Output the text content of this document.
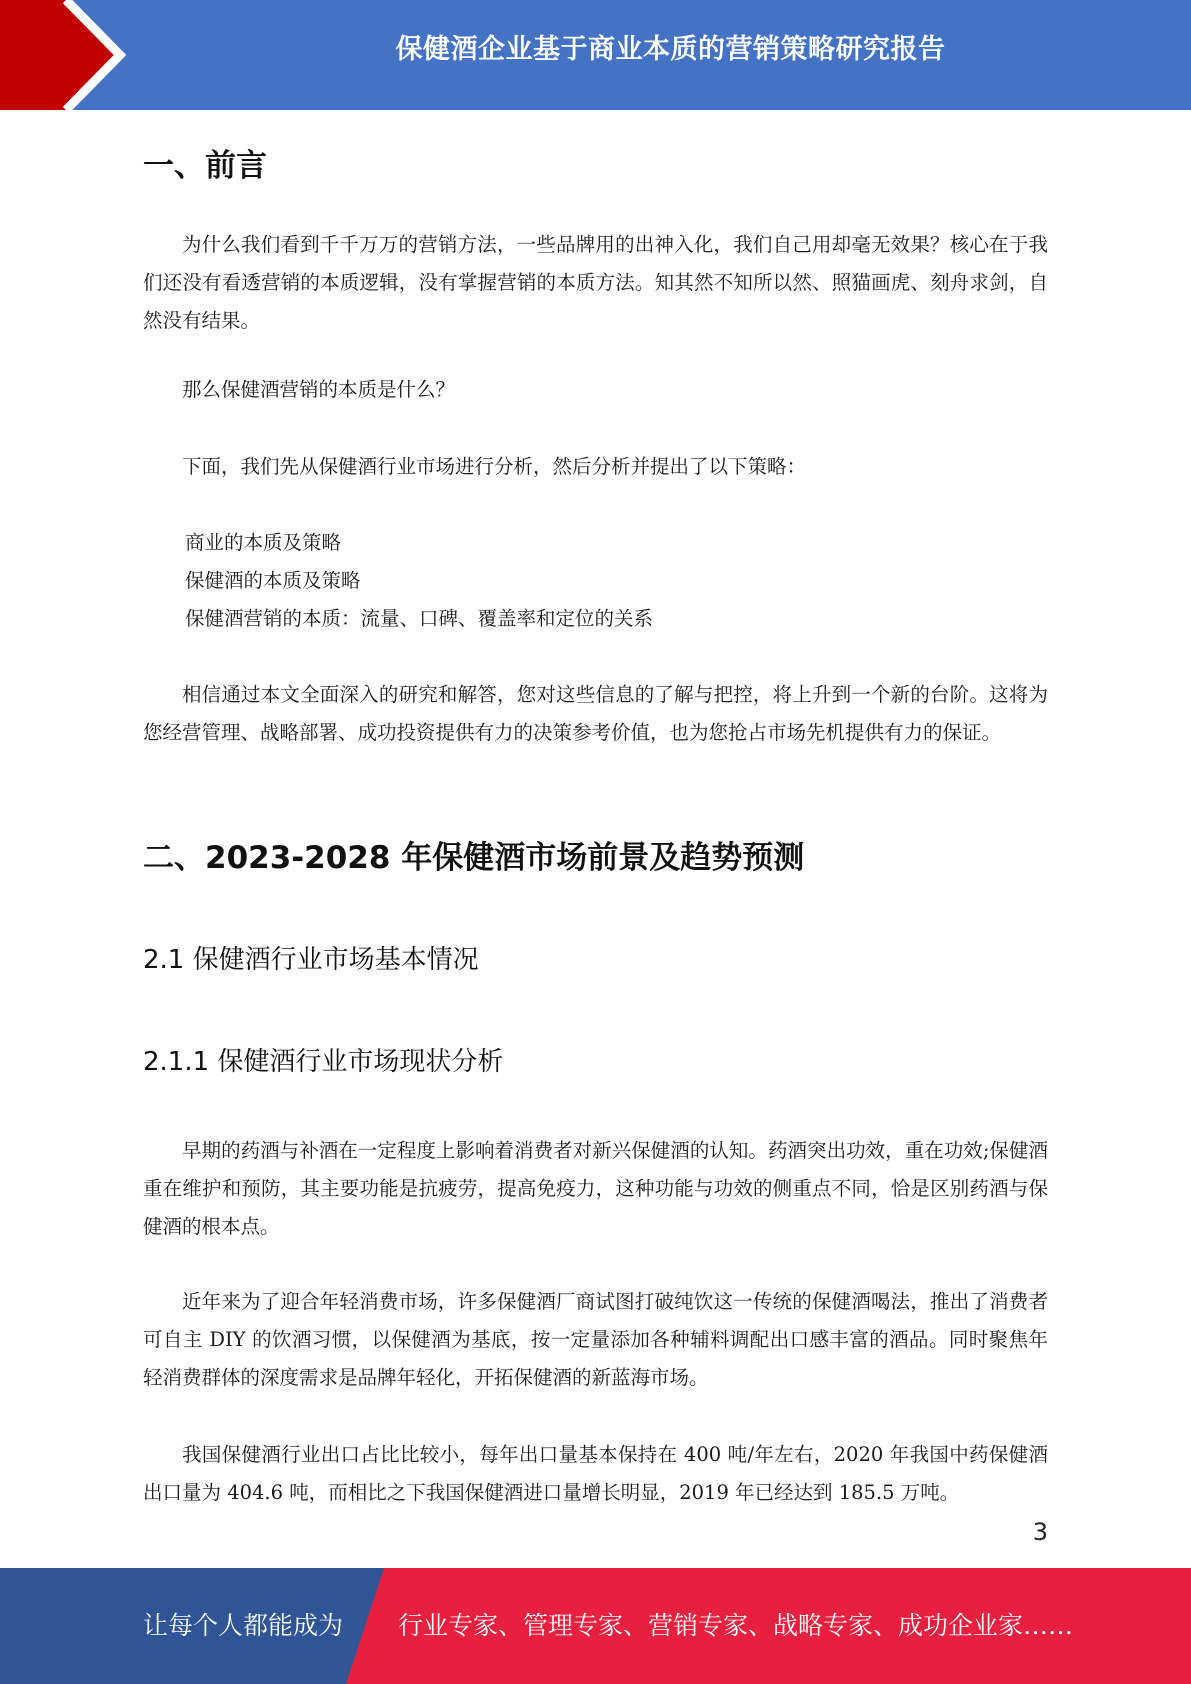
保健酒企业基于商业本质的营销策略研究报告
一、前言

为什么我们看到千千万万的营销方法，一些品牌用的出神入化，我们自己用却毫无效果？核心在于我们还没有看透营销的本质逻辑，没有掌握营销的本质方法。知其然不知所以然、照猫画虎、刻舟求剑，自然没有结果。

那么保健酒营销的本质是什么？

下面，我们先从保健酒行业市场进行分析，然后分析并提出了以下策略：

商业的本质及策略
保健酒的本质及策略
保健酒营销的本质：流量、口碑、覆盖率和定位的关系

相信通过本文全面深入的研究和解答，您对这些信息的了解与把控，将上升到一个新的台阶。这将为您经营管理、战略部署、成功投资提供有力的决策参考价值，也为您抢占市场先机提供有力的保证。

二、2023-2028 年保健酒市场前景及趋势预测
2.1 保健酒行业市场基本情况
2.1.1 保健酒行业市场现状分析

早期的药酒与补酒在一定程度上影响着消费者对新兴保健酒的认知。药酒突出功效，重在功效;保健酒重在维护和预防，其主要功能是抗疲劳，提高免疫力，这种功能与功效的侧重点不同，恰是区别药酒与保健酒的根本点。

近年来为了迎合年轻消费市场，许多保健酒厂商试图打破纯饮这一传统的保健酒喝法，推出了消费者可自主 DIY 的饮酒习惯，以保健酒为基底，按一定量添加各种辅料调配出口感丰富的酒品。同时聚焦年轻消费群体的深度需求是品牌年轻化，开拓保健酒的新蓝海市场。

我国保健酒行业出口占比比较小，每年出口量基本保持在 400 吨/年左右，2020 年我国中药保健酒出口量为 404.6 吨，而相比之下我国保健酒进口量增长明显，2019 年已经达到 185.5 万吨。

3
让每个人都能成为 行业专家、管理专家、营销专家、战略专家、成功企业家……
